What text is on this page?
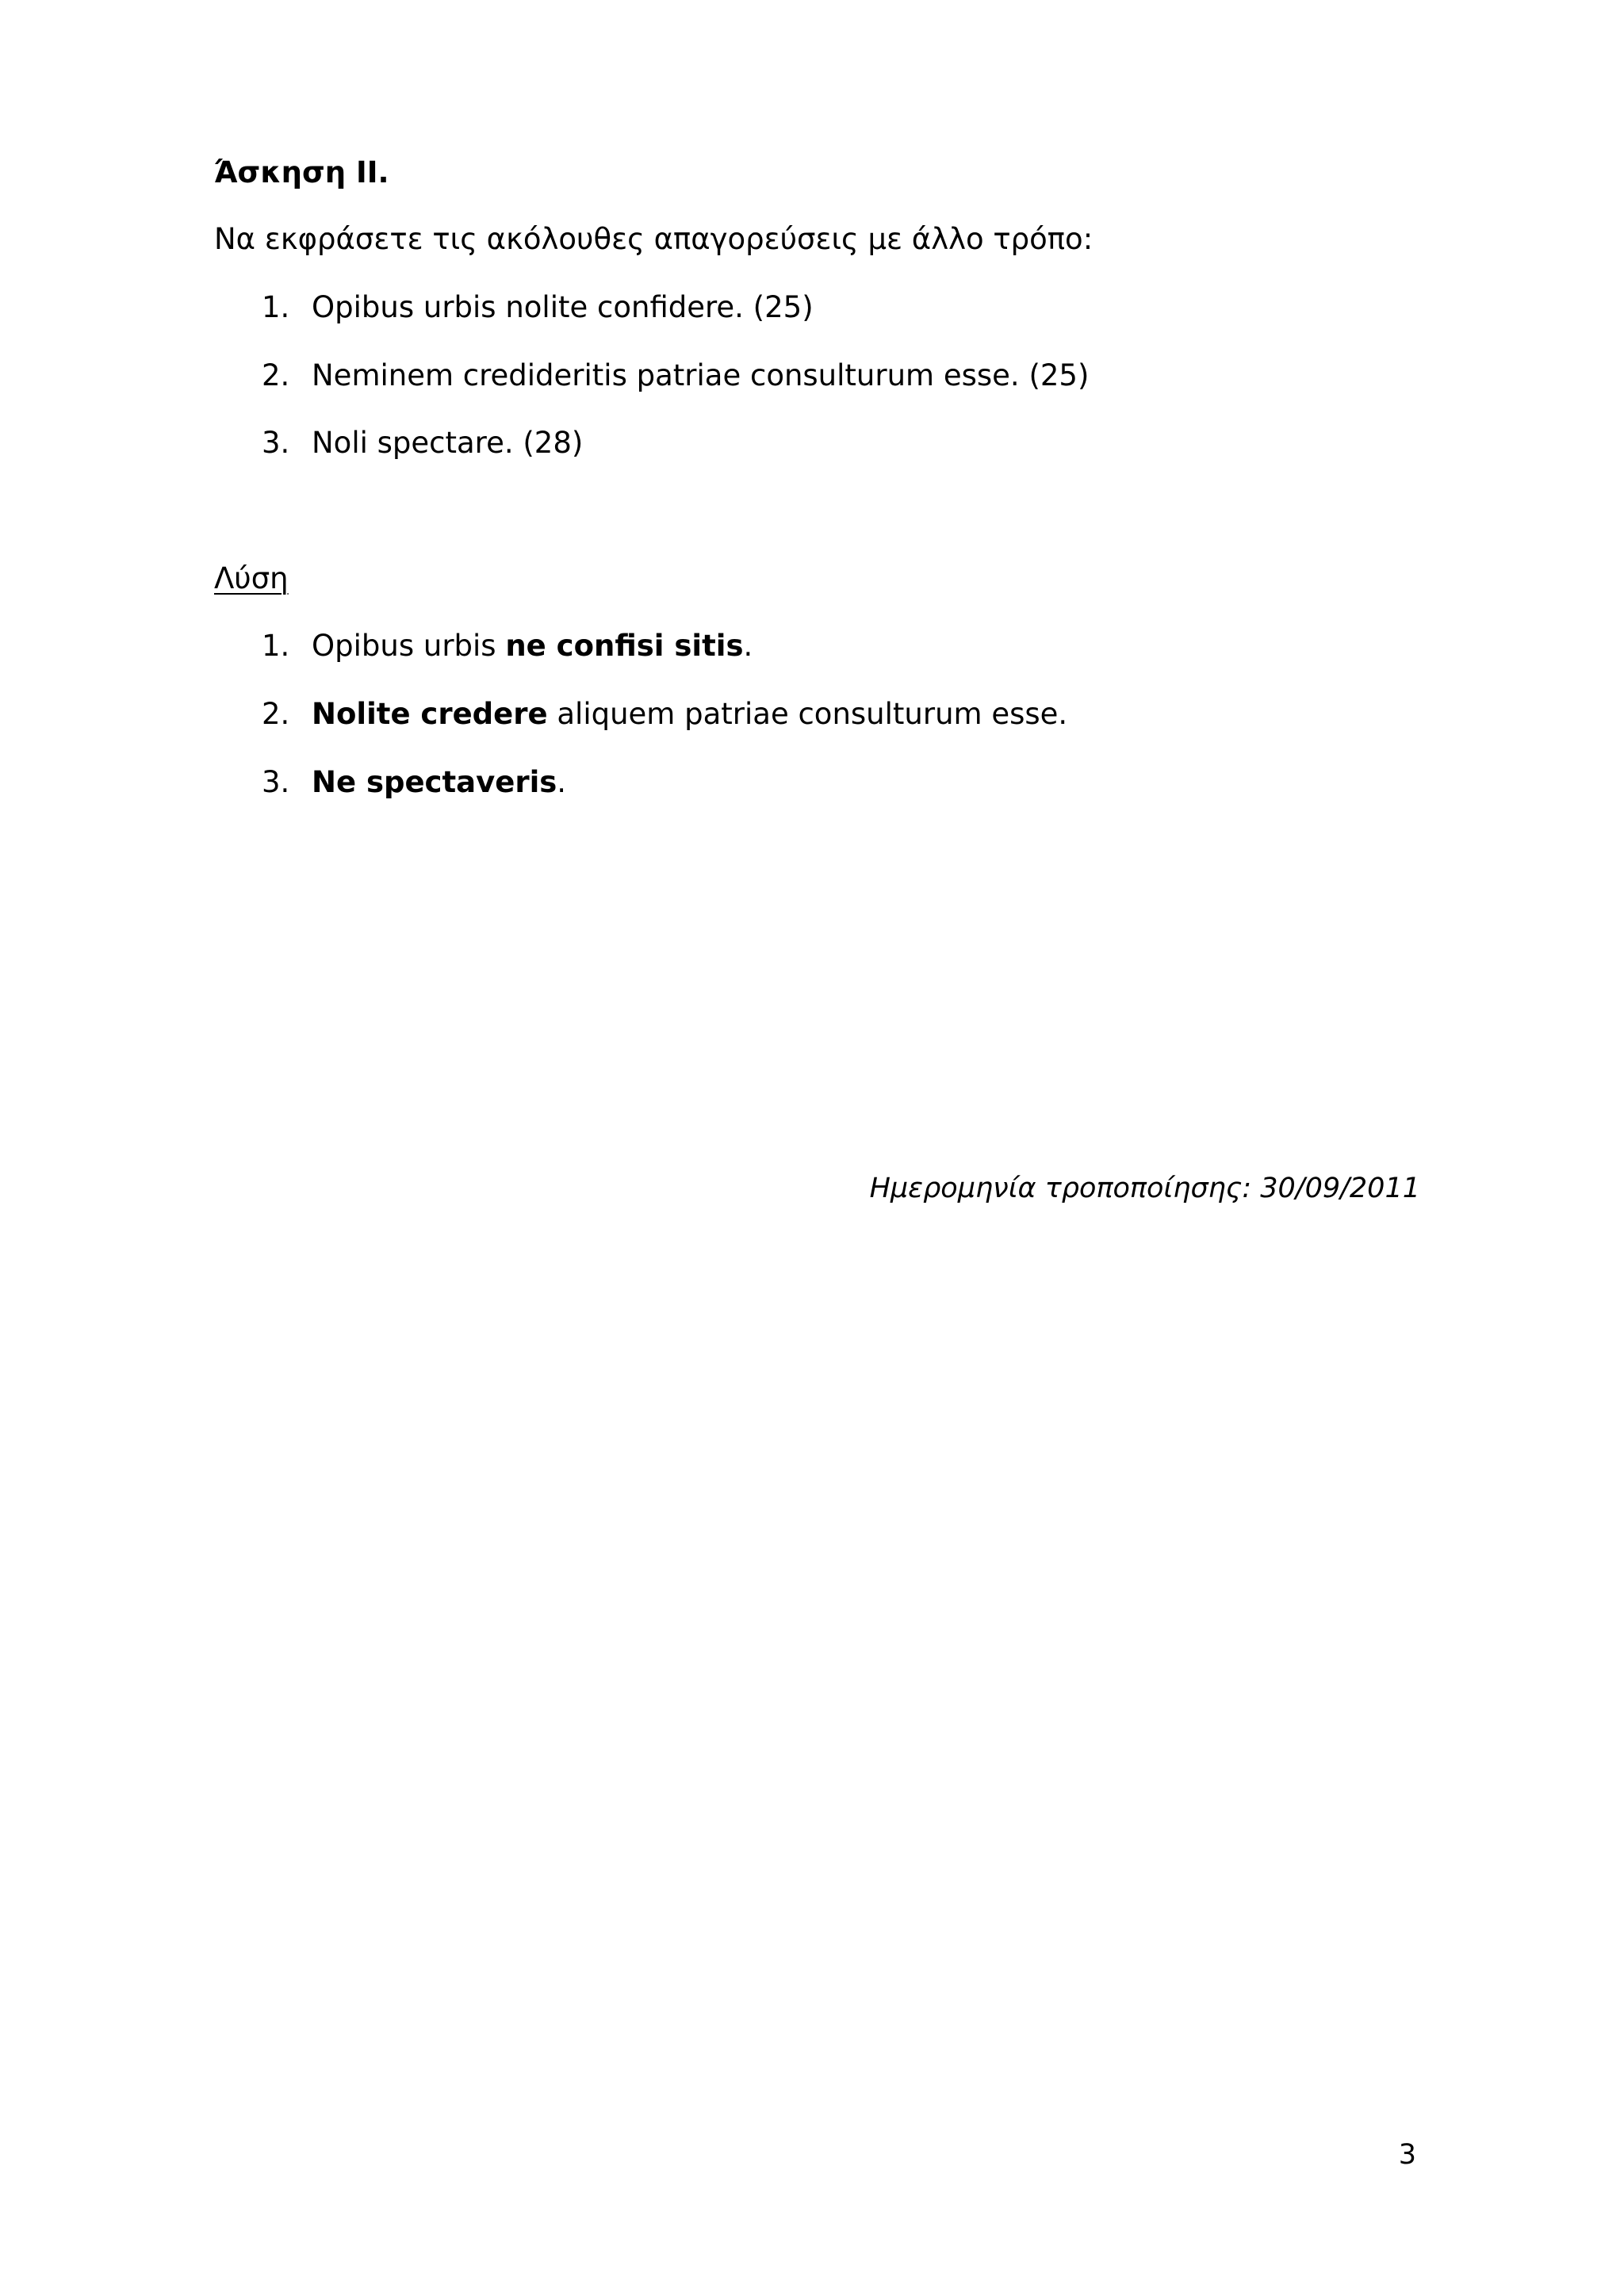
Άσκηση ΙΙ.
Να εκφράσετε τις ακόλουθες απαγορεύσεις με άλλο τρόπο:
1. Opibus urbis nolite confidere. (25)
2. Neminem credideritis patriae consulturum esse. (25)
3. Noli spectare. (28)
Λύση
1. Opibus urbis ne confisi sitis.
2. Nolite credere aliquem patriae consulturum esse.
3. Ne spectaveris.
Ημερομηνία τροποποίησης: 30/09/2011
3
